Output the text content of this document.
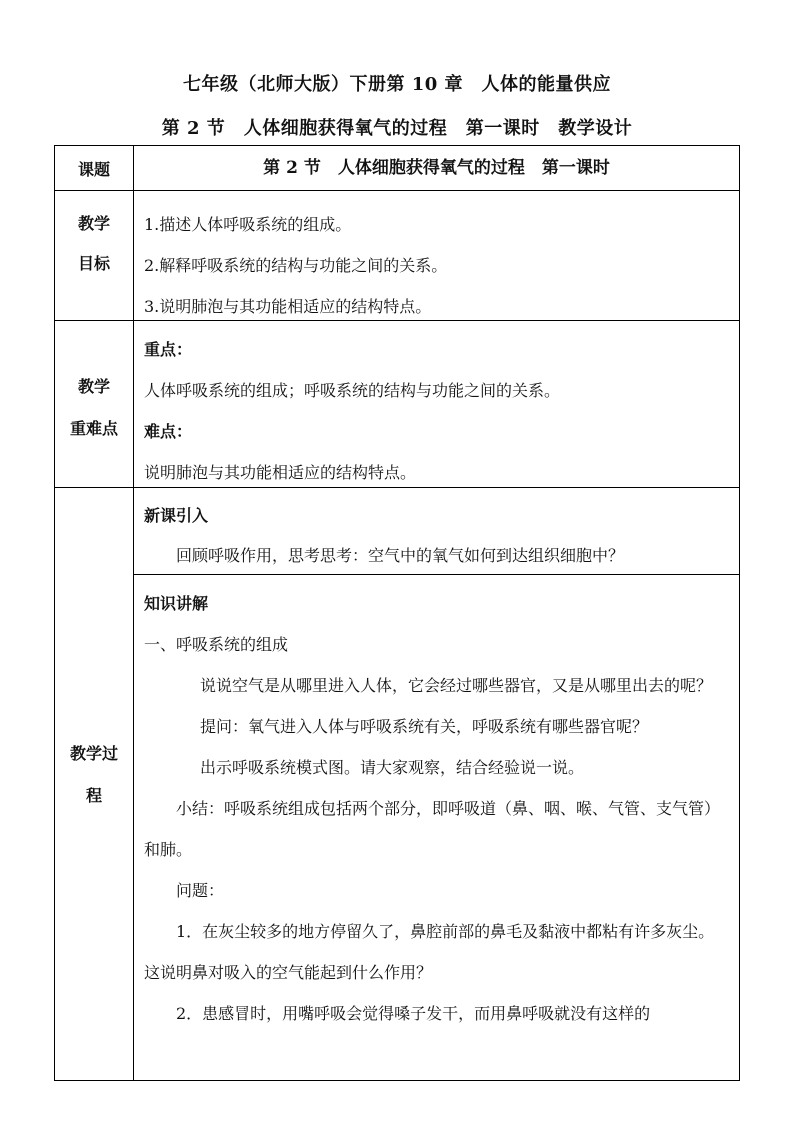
七年级（北师大版）下册第 10 章　人体的能量供应
第 2 节　人体细胞获得氧气的过程　第一课时　教学设计
课题	第 2 节　人体细胞获得氧气的过程　第一课时
教学
目标

1.描述人体呼吸系统的组成。

2.解释呼吸系统的结构与功能之间的关系。

3.说明肺泡与其功能相适应的结构特点。

教学
重难点

重点：

人体呼吸系统的组成；呼吸系统的结构与功能之间的关系。

难点：

说明肺泡与其功能相适应的结构特点。

教学过
程

新课引入

回顾呼吸作用，思考思考：空气中的氧气如何到达组织细胞中？

知识讲解

一、呼吸系统的组成

说说空气是从哪里进入人体，它会经过哪些器官，又是从哪里出去的呢？

提问：氧气进入人体与呼吸系统有关，呼吸系统有哪些器官呢？

出示呼吸系统模式图。请大家观察，结合经验说一说。

小结：呼吸系统组成包括两个部分，即呼吸道（鼻、咽、喉、气管、支气管）和肺。

问题：

1．在灰尘较多的地方停留久了，鼻腔前部的鼻毛及黏液中都粘有许多灰尘。这说明鼻对吸入的空气能起到什么作用？

2．患感冒时，用嘴呼吸会觉得嗓子发干，而用鼻呼吸就没有这样的
